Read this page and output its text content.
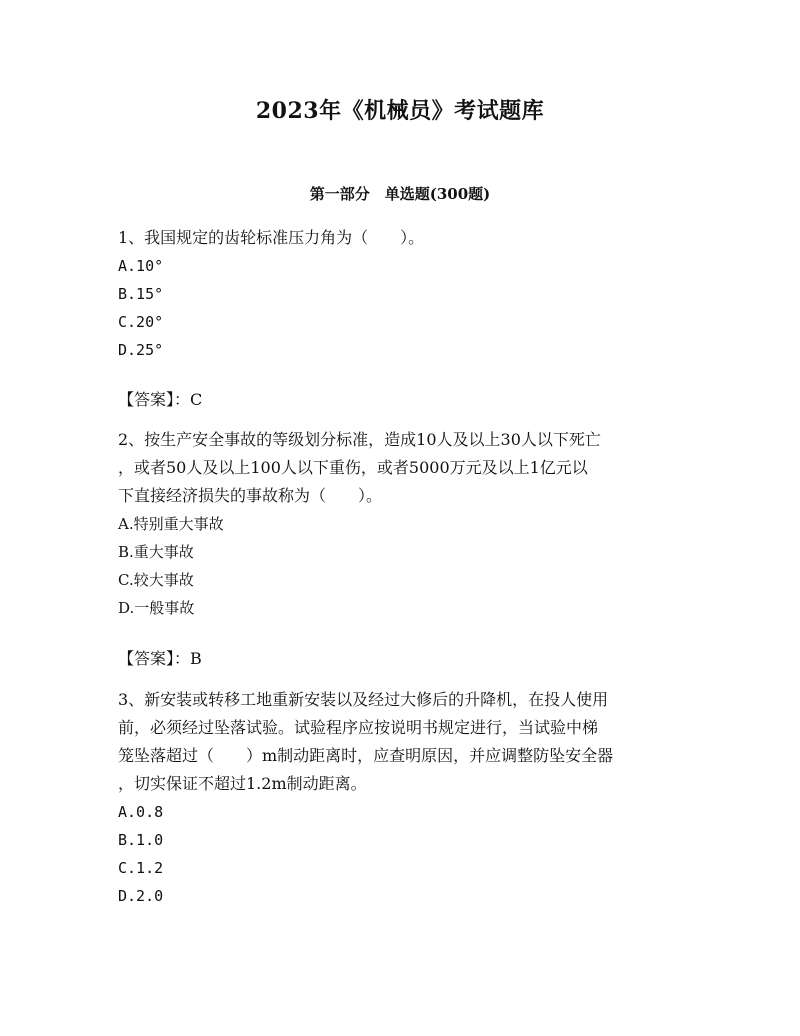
2023年《机械员》考试题库
第一部分　单选题(300题)

1、我国规定的齿轮标准压力角为（　　）。

A.10°

B.15°

C.20°

D.25°

【答案】：C

2、按生产安全事故的等级划分标准，造成10人及以上30人以下死亡

，或者50人及以上100人以下重伤，或者5000万元及以上1亿元以

下直接经济损失的事故称为（　　）。

A.特别重大事故

B.重大事故

C.较大事故

D.一般事故

【答案】：B

3、新安装或转移工地重新安装以及经过大修后的升降机，在投人使用

前，必须经过坠落试验。试验程序应按说明书规定进行，当试验中梯

笼坠落超过（　　）m制动距离时，应查明原因，并应调整防坠安全器

，切实保证不超过1.2m制动距离。

A.0.8

B.1.0

C.1.2

D.2.0
